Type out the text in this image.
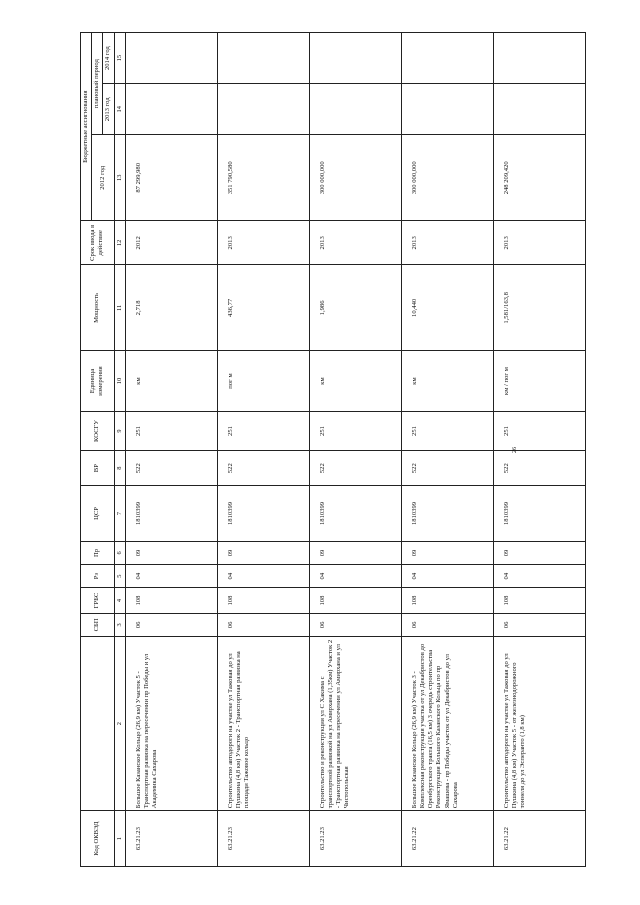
Код ОКВЭД		СБП	ГРБС	Рз	Пр	ЦСР	ВР	КОСГУ	Единица измерения	Мощность	Срок ввода в действие	Бюджетные ассигнования		
												2012 год	плановый период	
													2013 год	2014 год
1	2	3	4	5	6	7	8	9	10	11	12	13	14	15
63.21.23	Большое Казанское Кольцо (26,9 км) Участок 5 - Транспортная развязка на пересечении пр Победы и ул Академика Сахарова	06	108	04	09	1810399	522	251	км	2,718	2012	87 299,980		
63.21.23	Строительство автодороги на участке ул Тажовая до ул Пушкина (4,8 км) Участок 2 - Транспортная развязка на площади Тажовое кольцо	06	108	04	09	1810399	522	251	пог м	436,77	2013	351 790,580		
63.21.23	Строительство и реконструкция ул С Хакима с транспортной развязкой на ул Амирхана (1,35км) Участок 2 - Транспортная развязка на пересечении ул Амирхана и ул Чистопольская	06	108	04	09	1810399	522	251	км	1,986	2013	300 000,000		
63.21.22	Большое Казанское Кольцо (26,9 км) Участок 3 - Комплексная реконструкция участка от ул Декабристов до Оренбургского тракта (16,5 км) 3 очередь строительства Реконструкция Большого Казанского Кольца по пр Ямашева - пр Победы участок от ул Декабристов до ул Сахарова	06	108	04	09	1810399	522	251	км	10,440	2013	300 000,000		
63.21.22	Строительство автодороги на участке ул Тажовая до ул Пушкина (4,8 км) Участок 5 - от железнодорожного тоннеля до ул Эсперанто (1,8 км)	06	108	04	09	1810399	522	251	км / пог м	1,581/163,8	2013	248 209,420		
26
